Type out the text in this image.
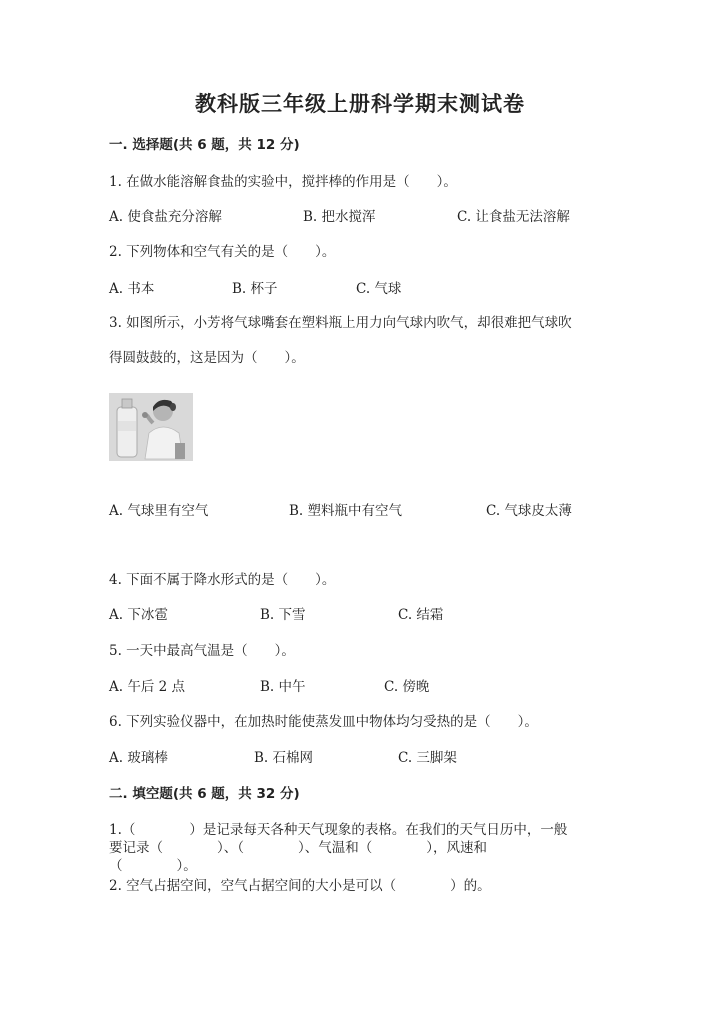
教科版三年级上册科学期末测试卷
一. 选择题(共 6 题，共 12 分)
1. 在做水能溶解食盐的实验中，搅拌棒的作用是（　　）。
A. 使食盐充分溶解	B. 把水搅浑	C. 让食盐无法溶解
2. 下列物体和空气有关的是（　　）。
A. 书本	B. 杯子	C. 气球
3. 如图所示，小芳将气球嘴套在塑料瓶上用力向气球内吹气，却很难把气球吹
得圆鼓鼓的，这是因为（　　）。
A. 气球里有空气	B. 塑料瓶中有空气	C. 气球皮太薄
4. 下面不属于降水形式的是（　　）。
A. 下冰雹	B. 下雪	C. 结霜
5. 一天中最高气温是（　　）。
A. 午后 2 点	B. 中午	C. 傍晚
6. 下列实验仪器中，在加热时能使蒸发皿中物体均匀受热的是（　　）。
A. 玻璃棒	B. 石棉网	C. 三脚架
二. 填空题(共 6 题，共 32 分)
1.（　　　　）是记录每天各种天气现象的表格。在我们的天气日历中，一般
要记录（　　　　）、（　　　　）、气温和（　　　　），风速和
（　　　　）。
2. 空气占据空间，空气占据空间的大小是可以（　　　　）的。
